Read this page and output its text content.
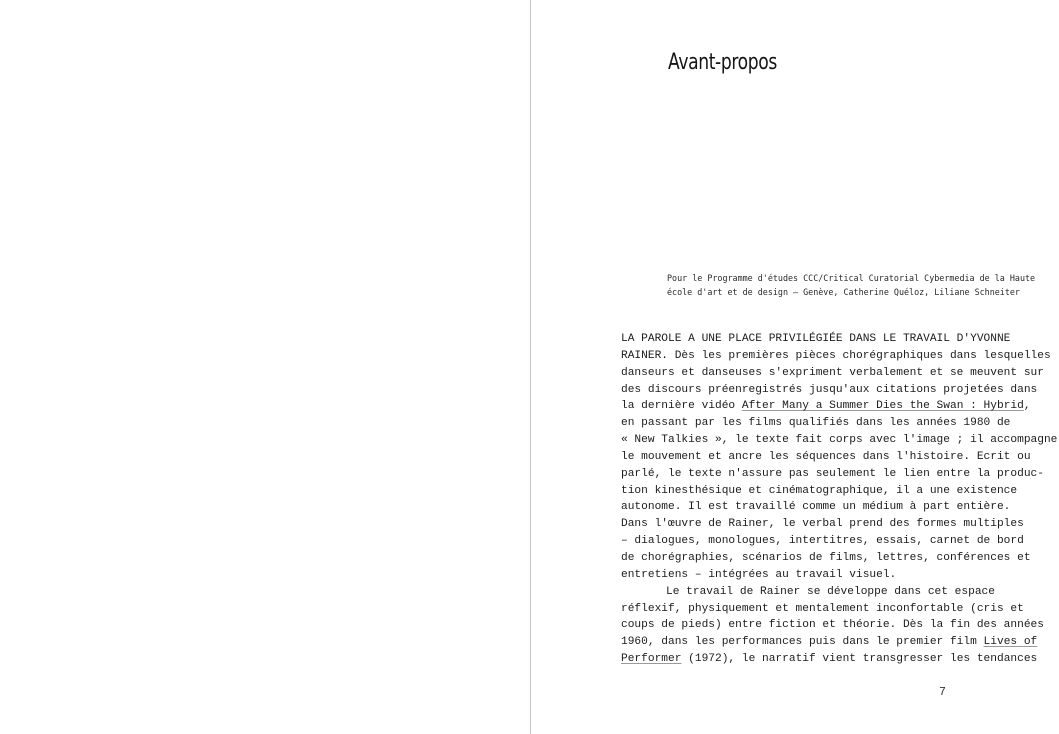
Avant-propos
Pour le Programme d'études CCC/Critical Curatorial Cybermedia de la Haute
école d'art et de design – Genève, Catherine Quéloz, Liliane Schneiter
LA PAROLE A UNE PLACE PRIVILÉGIÉE DANS LE TRAVAIL D'YVONNE
RAINER. Dès les premières pièces chorégraphiques dans lesquelles
danseurs et danseuses s'expriment verbalement et se meuvent sur
des discours préenregistrés jusqu'aux citations projetées dans
la dernière vidéo After Many a Summer Dies the Swan : Hybrid,
en passant par les films qualifiés dans les années 1980 de
« New Talkies », le texte fait corps avec l'image ; il accompagne
le mouvement et ancre les séquences dans l'histoire. Ecrit ou
parlé, le texte n'assure pas seulement le lien entre la produc-
tion kinesthésique et cinématographique, il a une existence
autonome. Il est travaillé comme un médium à part entière.
Dans l'œuvre de Rainer, le verbal prend des formes multiples
– dialogues, monologues, intertitres, essais, carnet de bord
de chorégraphies, scénarios de films, lettres, conférences et
entretiens – intégrées au travail visuel.
Le travail de Rainer se développe dans cet espace
réflexif, physiquement et mentalement inconfortable (cris et
coups de pieds) entre fiction et théorie. Dès la fin des années
1960, dans les performances puis dans le premier film Lives of
Performer (1972), le narratif vient transgresser les tendances
7
